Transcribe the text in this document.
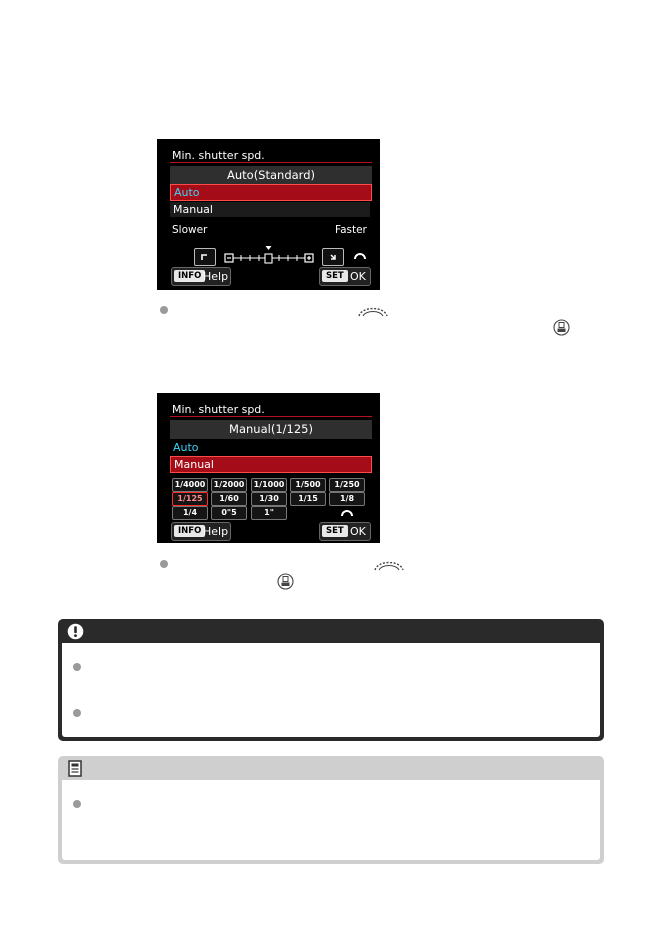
Min. shutter spd.
Auto(Standard)
Auto
Manual
Slower	Faster
INFO Help	SET OK
Min. shutter spd.
Manual(1/125)
Auto
Manual
1/4000	1/2000	1/1000	1/500	1/250
1/125	1/60	1/30	1/15	1/8
1/4	0"5	1"
INFO Help	SET OK
